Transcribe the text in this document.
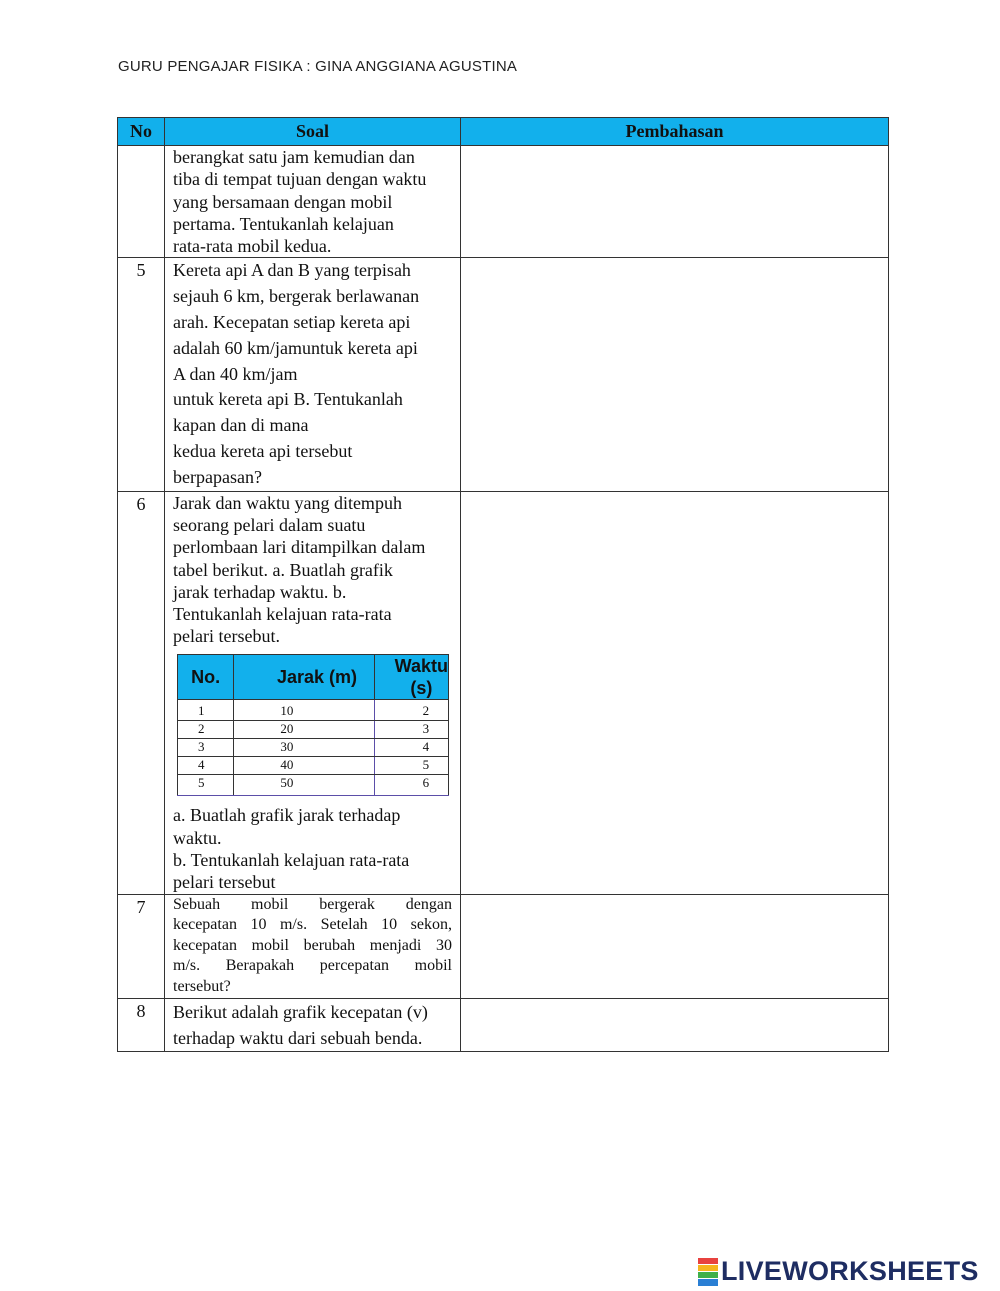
GURU PENGAJAR FISIKA : GINA ANGGIANA AGUSTINA
No	Soal	Pembahasan

berangkat satu jam kemudian dan

tiba di tempat tujuan dengan waktu

yang bersamaan dengan mobil

pertama. Tentukanlah kelajuan

rata-rata mobil kedua.

5	Kereta api A dan B yang terpisah

sejauh 6 km, bergerak berlawanan

arah. Kecepatan setiap kereta api

adalah 60 km/jamuntuk kereta api

A dan 40 km/jam

untuk kereta api B. Tentukanlah

kapan dan di mana

kedua kereta api tersebut

berpapasan?

6	Jarak dan waktu yang ditempuh

seorang pelari dalam suatu

perlombaan lari ditampilkan dalam

tabel berikut. a. Buatlah grafik

jarak terhadap waktu. b.

Tentukanlah kelajuan rata-rata

pelari tersebut.

No.	Jarak (m)	Waktu (s)
1	10	2
2	20	3
3	30	4
4	40	5
5	50	6

a. Buatlah grafik jarak terhadap

waktu.

b. Tentukanlah kelajuan rata-rata

pelari tersebut

7	Sebuah mobil bergerak dengan

kecepatan 10 m/s. Setelah 10 sekon,

kecepatan mobil berubah menjadi 30

m/s. Berapakah percepatan mobil

tersebut?

8	Berikut adalah grafik kecepatan (v)

terhadap waktu dari sebuah benda.

LIVEWORKSHEETS
